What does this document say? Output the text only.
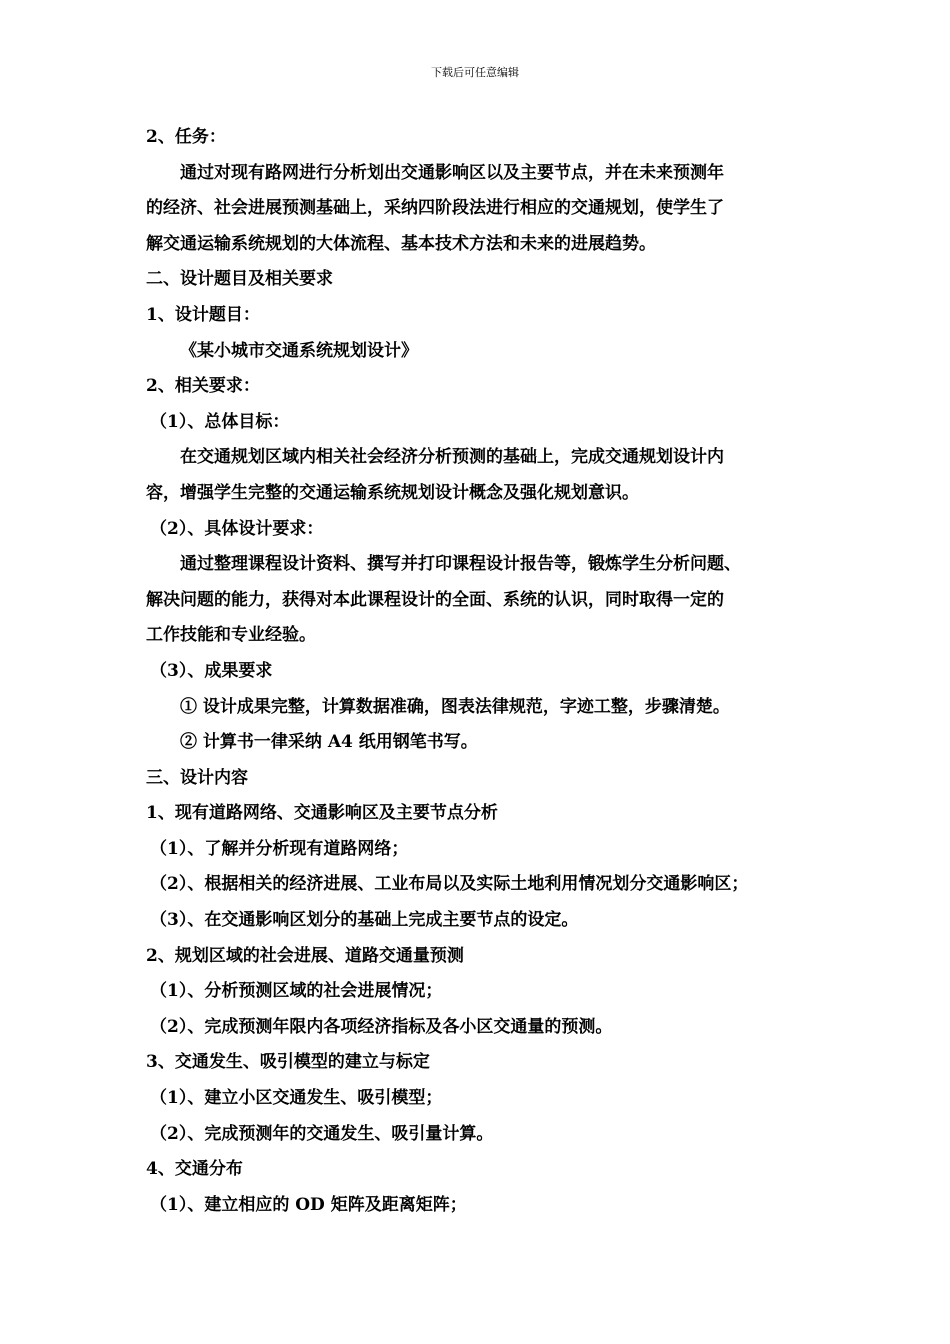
下载后可任意编辑
2、任务：
通过对现有路网进行分析划出交通影响区以及主要节点，并在未来预测年
的经济、社会进展预测基础上，采纳四阶段法进行相应的交通规划，使学生了
解交通运输系统规划的大体流程、基本技术方法和未来的进展趋势。
二、设计题目及相关要求
1、设计题目：
《某小城市交通系统规划设计》
2、相关要求：
（1）、总体目标：
在交通规划区域内相关社会经济分析预测的基础上，完成交通规划设计内
容，增强学生完整的交通运输系统规划设计概念及强化规划意识。
（2）、具体设计要求：
通过整理课程设计资料、撰写并打印课程设计报告等，锻炼学生分析问题、
解决问题的能力，获得对本此课程设计的全面、系统的认识，同时取得一定的
工作技能和专业经验。
（3）、成果要求
① 设计成果完整，计算数据准确，图表法律规范，字迹工整，步骤清楚。
② 计算书一律采纳 A4 纸用钢笔书写。
三、设计内容
1、现有道路网络、交通影响区及主要节点分析
（1）、了解并分析现有道路网络；
（2）、根据相关的经济进展、工业布局以及实际土地利用情况划分交通影响区；
（3）、在交通影响区划分的基础上完成主要节点的设定。
2、规划区域的社会进展、道路交通量预测
（1）、分析预测区域的社会进展情况；
（2）、完成预测年限内各项经济指标及各小区交通量的预测。
3、交通发生、吸引模型的建立与标定
（1）、建立小区交通发生、吸引模型；
（2）、完成预测年的交通发生、吸引量计算。
4、交通分布
（1）、建立相应的 OD 矩阵及距离矩阵；
